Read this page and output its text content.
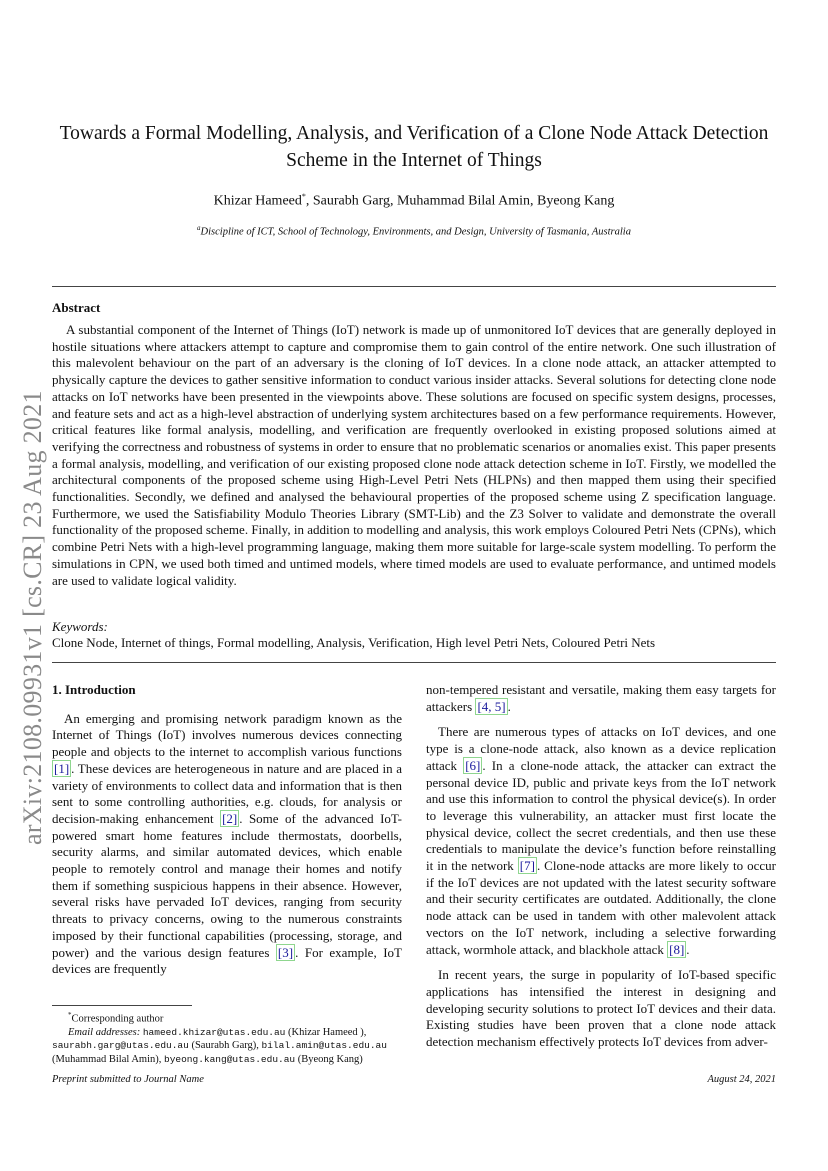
arXiv:2108.09931v1 [cs.CR] 23 Aug 2021
Towards a Formal Modelling, Analysis, and Verification of a Clone Node Attack Detection
Scheme in the Internet of Things
Khizar Hameed*, Saurabh Garg, Muhammad Bilal Amin, Byeong Kang
$^a$Discipline of ICT, School of Technology, Environments, and Design, University of Tasmania, Australia
Abstract

A substantial component of the Internet of Things (IoT) network is made up of unmonitored IoT devices that are generally deployed in hostile situations where attackers attempt to capture and compromise them to gain control of the entire network. One such illustration of this malevolent behaviour on the part of an adversary is the cloning of IoT devices. In a clone node attack, an attacker attempted to physically capture the devices to gather sensitive information to conduct various insider attacks. Several solutions for detecting clone node attacks on IoT networks have been presented in the viewpoints above. These solutions are focused on specific system designs, processes, and feature sets and act as a high-level abstraction of underlying system architectures based on a few performance requirements. However, critical features like formal analysis, modelling, and verification are frequently overlooked in existing proposed solutions aimed at verifying the correctness and robustness of systems in order to ensure that no problematic scenarios or anomalies exist. This paper presents a formal analysis, modelling, and verification of our existing proposed clone node attack detection scheme in IoT. Firstly, we modelled the architectural components of the proposed scheme using High-Level Petri Nets (HLPNs) and then mapped them using their specified functionalities. Secondly, we defined and analysed the behavioural properties of the proposed scheme using Z specification language. Furthermore, we used the Satisfiability Modulo Theories Library (SMT-Lib) and the Z3 Solver to validate and demonstrate the overall functionality of the proposed scheme. Finally, in addition to modelling and analysis, this work employs Coloured Petri Nets (CPNs), which combine Petri Nets with a high-level programming language, making them more suitable for large-scale system modelling. To perform the simulations in CPN, we used both timed and untimed models, where timed models are used to evaluate performance, and untimed models are used to validate logical validity.

Keywords:
Clone Node, Internet of things, Formal modelling, Analysis, Verification, High level Petri Nets, Coloured Petri Nets
1. Introduction

An emerging and promising network paradigm known as the Internet of Things (IoT) involves numerous devices connecting people and objects to the internet to accomplish various functions [1] . These devices are heterogeneous in nature and are placed in a variety of environments to collect data and information that is then sent to some controlling authorities, e.g. clouds, for analysis or decision-making enhancement [2] . Some of the advanced IoT-powered smart home features include thermostats, doorbells, security alarms, and similar automated devices, which enable people to remotely control and manage their homes and notify them if something suspicious happens in their absence. However, several risks have pervaded IoT devices, ranging from security threats to privacy concerns, owing to the numerous constraints imposed by their functional capabilities (processing, storage, and power) and the various design features [3] . For example, IoT devices are frequently

non-tempered resistant and versatile, making them easy targets for attackers [4, 5] .

There are numerous types of attacks on IoT devices, and one type is a clone-node attack, also known as a device replication attack [6] . In a clone-node attack, the attacker can extract the personal device ID, public and private keys from the IoT network and use this information to control the physical device(s). In order to leverage this vulnerability, an attacker must first locate the physical device, collect the secret credentials, and then use these credentials to manipulate the device’s function before reinstalling it in the network [7] . Clone-node attacks are more likely to occur if the IoT devices are not updated with the latest security software and their security certificates are outdated. Additionally, the clone node attack can be used in tandem with other malevolent attack vectors on the IoT network, including a selective forwarding attack, wormhole attack, and blackhole attack [8] .

In recent years, the surge in popularity of IoT-based specific applications has intensified the interest in designing and developing security solutions to protect IoT devices and their data. Existing studies have been proven that a clone node attack detection mechanism effectively protects IoT devices from adver-

*Corresponding author
Email addresses: hameed.khizar@utas.edu.au (Khizar Hameed ),
saurabh.garg@utas.edu.au (Saurabh Garg), bilal.amin@utas.edu.au
(Muhammad Bilal Amin), byeong.kang@utas.edu.au (Byeong Kang)
Preprint submitted to Journal Name	August 24, 2021
